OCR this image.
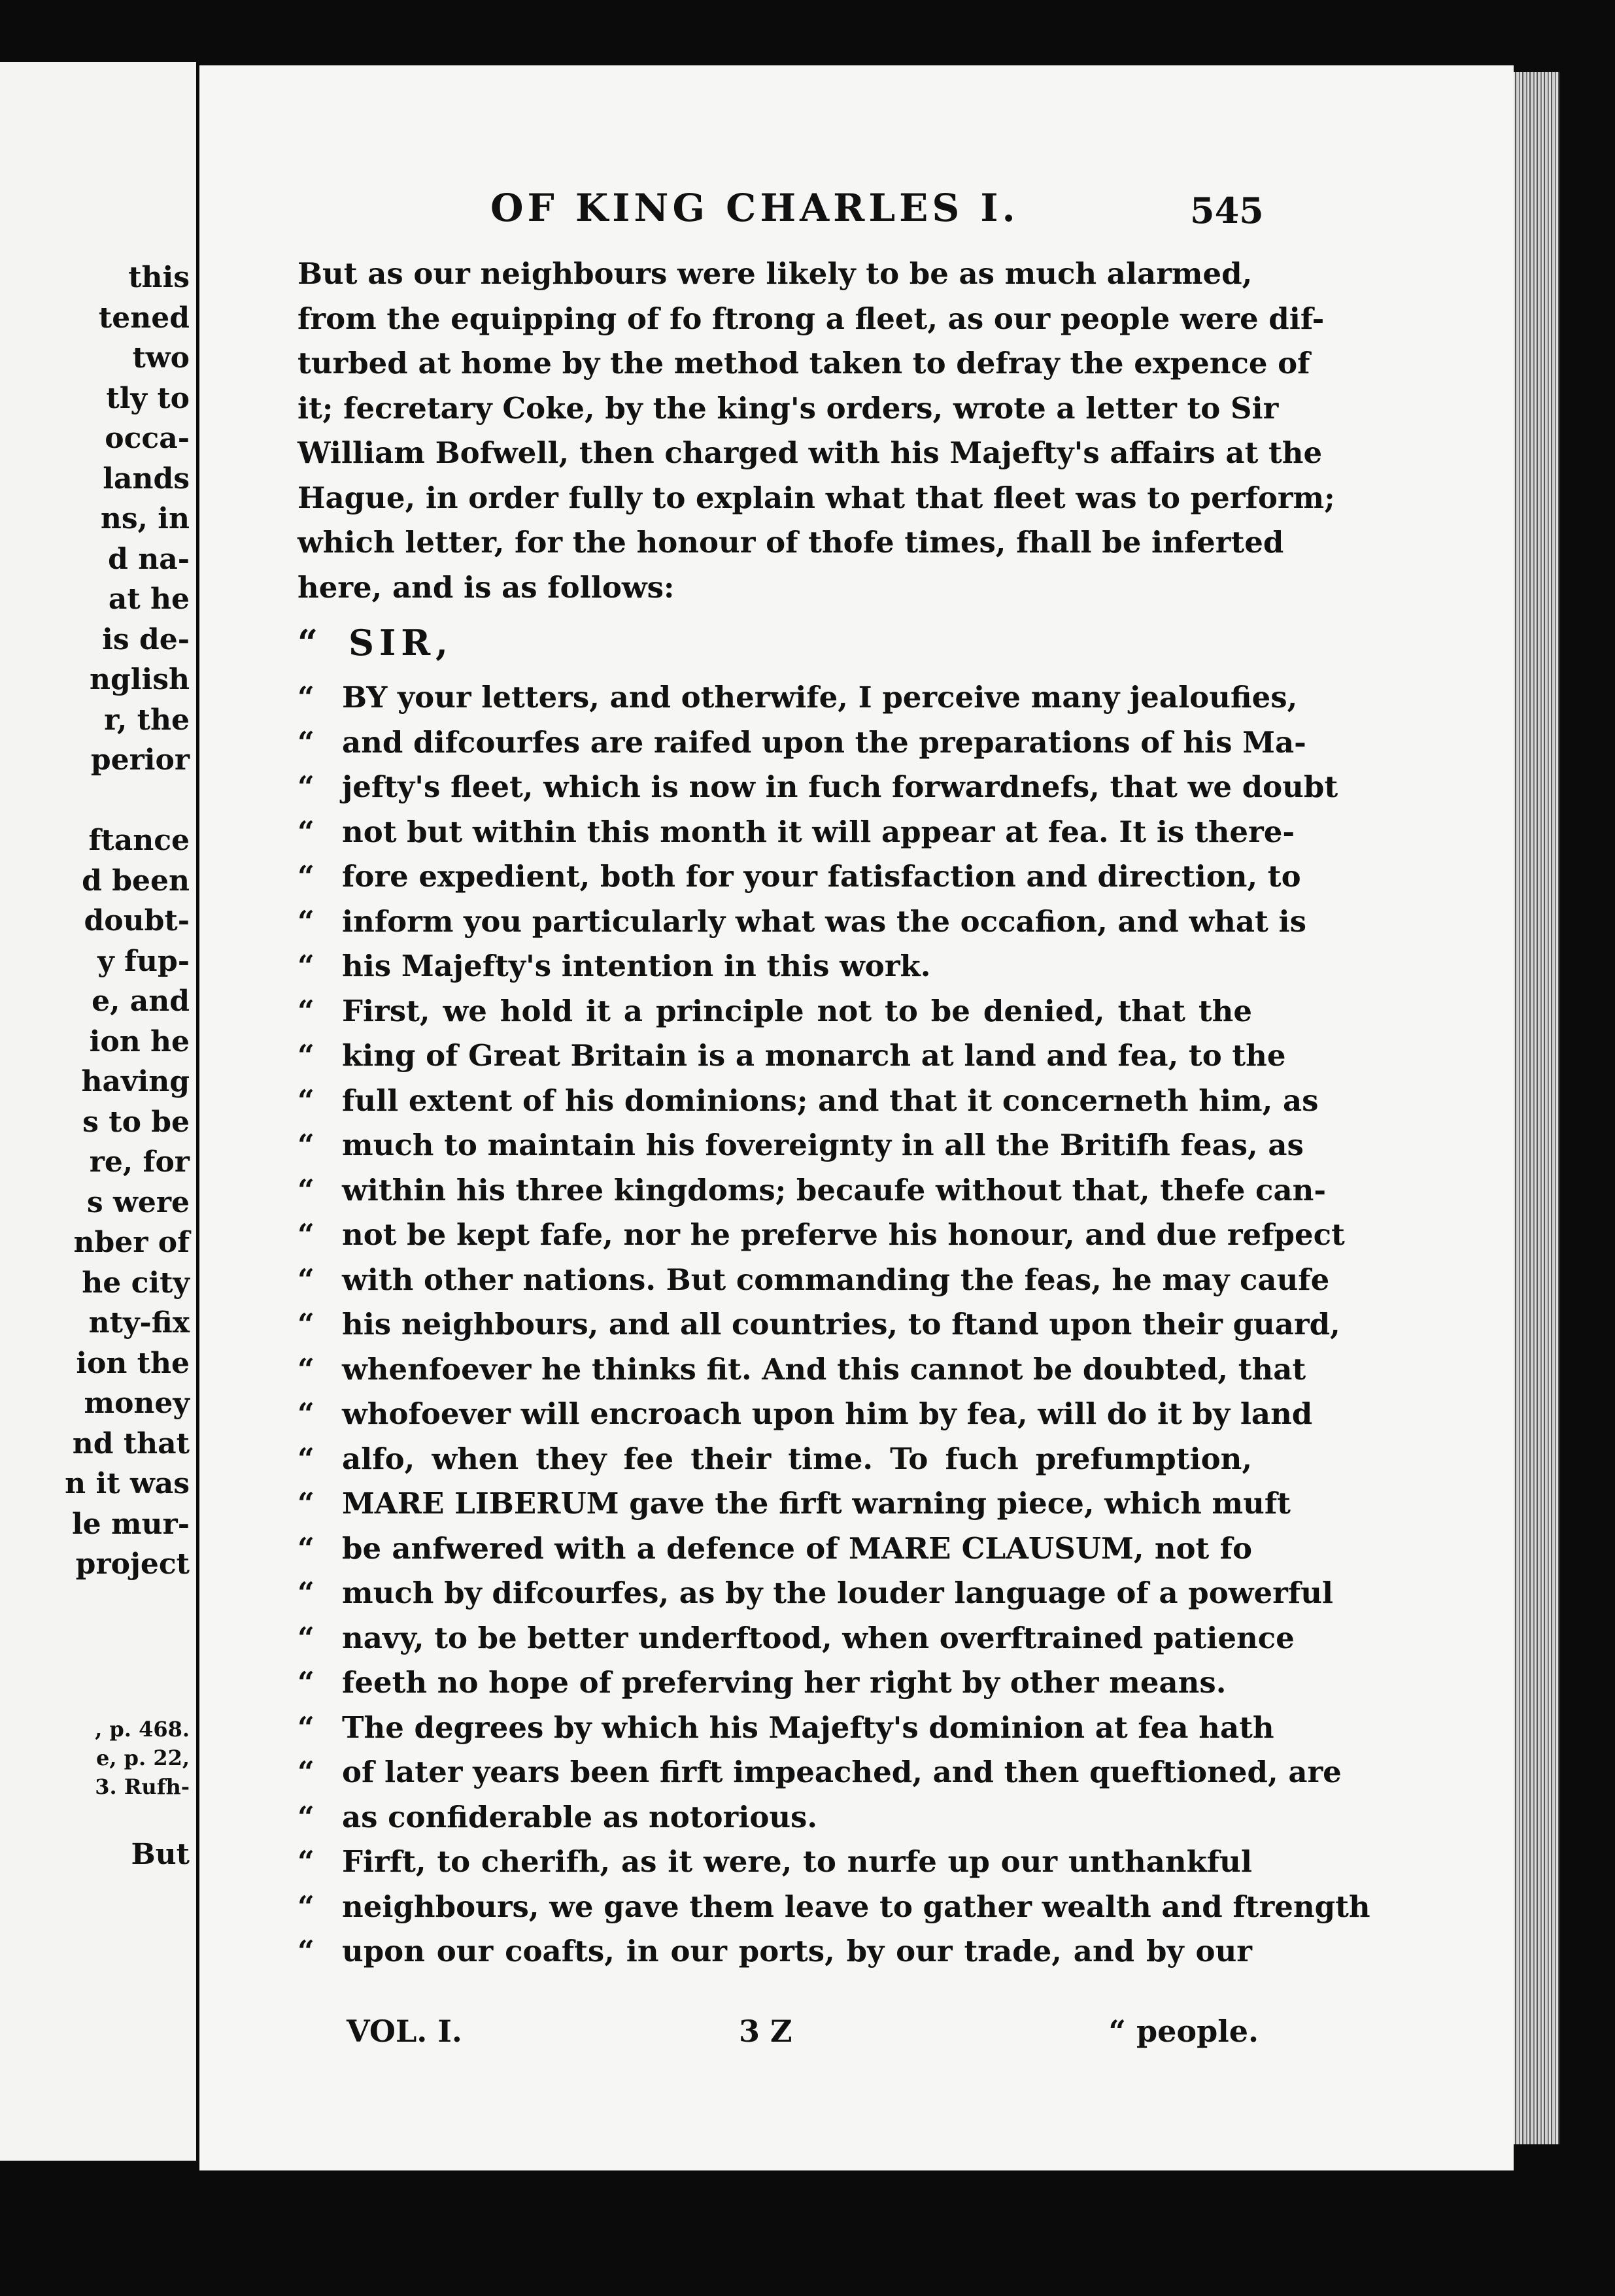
this
tened
two
tly to
occa-
lands
ns, in
d na-
at he
is de-
nglish
r, the
perior
ftance
d been
doubt-
y fup-
e, and
ion he
having
s to be
re, for
s were
nber of
he city
nty-fix
ion the
money
nd that
n it was
le mur-
project
, p. 468.
e, p. 22,
3. Rufh-
But
OF KING CHARLES I.	545
But as our neighbours were likely to be as much alarmed,
from the equipping of fo ftrong a fleet, as our people were dif-
turbed at home by the method taken to defray the expence of
it; fecretary Coke, by the king's orders, wrote a letter to Sir
William Bofwell, then charged with his Majefty's affairs at the
Hague, in order fully to explain what that fleet was to perform;
which letter, for the honour of thofe times, fhall be inferted
here, and is as follows:
“ SIR,
“ BY your letters, and otherwife, I perceive many jealoufies,
“ and difcourfes are raifed upon the preparations of his Ma-
“ jefty's fleet, which is now in fuch forwardnefs, that we doubt
“ not but within this month it will appear at fea. It is there-
“ fore expedient, both for your fatisfaction and direction, to
“ inform you particularly what was the occafion, and what is
“ his Majefty's intention in this work.
“ First, we hold it a principle not to be denied, that the
“ king of Great Britain is a monarch at land and fea, to the
“ full extent of his dominions; and that it concerneth him, as
“ much to maintain his fovereignty in all the Britifh feas, as
“ within his three kingdoms; becaufe without that, thefe can-
“ not be kept fafe, nor he preferve his honour, and due refpect
“ with other nations. But commanding the feas, he may caufe
“ his neighbours, and all countries, to ftand upon their guard,
“ whenfoever he thinks fit. And this cannot be doubted, that
“ whofoever will encroach upon him by fea, will do it by land
“ alfo, when they fee their time. To fuch prefumption,
“ MARE LIBERUM gave the firft warning piece, which muft
“ be anfwered with a defence of MARE CLAUSUM, not fo
“ much by difcourfes, as by the louder language of a powerful
“ navy, to be better underftood, when overftrained patience
“ feeth no hope of preferving her right by other means.
“ The degrees by which his Majefty's dominion at fea hath
“ of later years been firft impeached, and then queftioned, are
“ as confiderable as notorious.
“ Firft, to cherifh, as it were, to nurfe up our unthankful
“ neighbours, we gave them leave to gather wealth and ftrength
“ upon our coafts, in our ports, by our trade, and by our
VOL. I.	3 Z	“ people.
